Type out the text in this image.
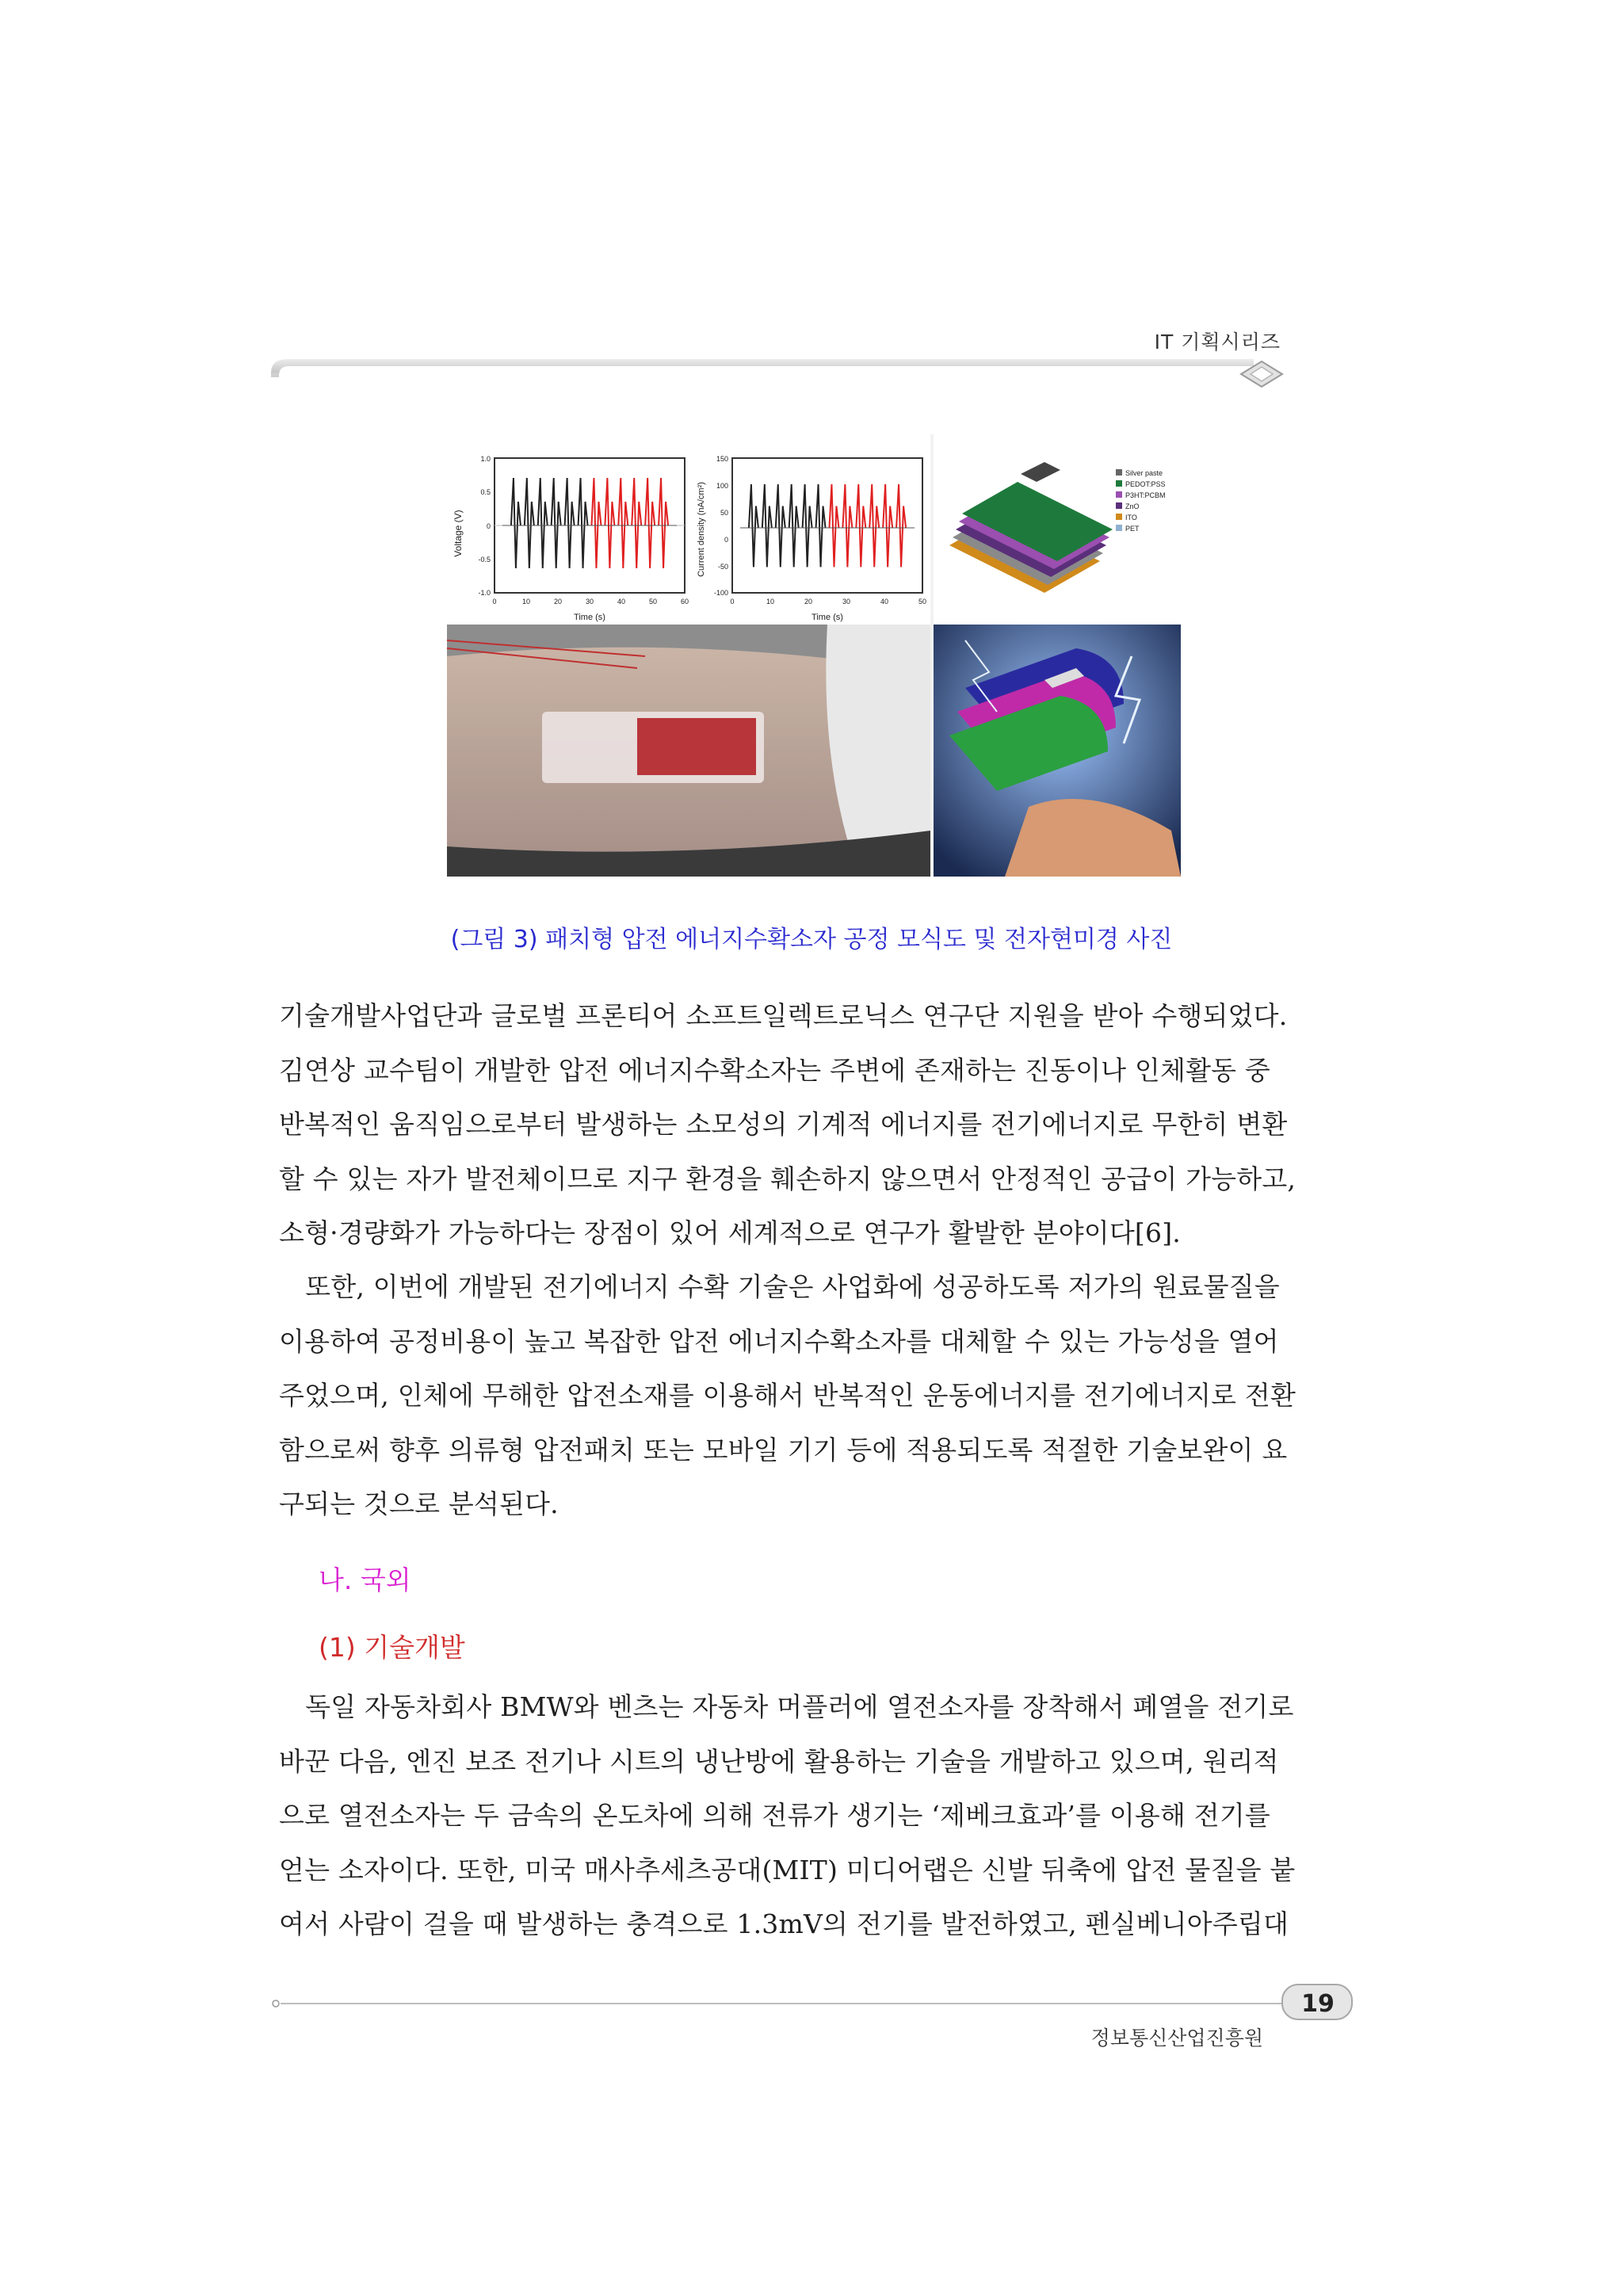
IT 기획시리즈
Voltage (V)
Time (s)
0	10	20	30	40	50	60
1.0
0.5
0
-0.5
-1.0
Current density (nA/cm²)
Time (s)
0	10	20	30	40	50
150
100
50
0
-50
-100
Silver paste
PEDOT:PSS
P3HT:PCBM
ZnO
ITO
PET
(그림 3) 패치형 압전 에너지수확소자 공정 모식도 및 전자현미경 사진

기술개발사업단과 글로벌 프론티어 소프트일렉트로닉스 연구단 지원을 받아 수행되었다.
김연상 교수팀이 개발한 압전 에너지수확소자는 주변에 존재하는 진동이나 인체활동 중
반복적인 움직임으로부터 발생하는 소모성의 기계적 에너지를 전기에너지로 무한히 변환
할 수 있는 자가 발전체이므로 지구 환경을 훼손하지 않으면서 안정적인 공급이 가능하고,
소형·경량화가 가능하다는 장점이 있어 세계적으로 연구가 활발한 분야이다[6].

　또한, 이번에 개발된 전기에너지 수확 기술은 사업화에 성공하도록 저가의 원료물질을
이용하여 공정비용이 높고 복잡한 압전 에너지수확소자를 대체할 수 있는 가능성을 열어
주었으며, 인체에 무해한 압전소재를 이용해서 반복적인 운동에너지를 전기에너지로 전환
함으로써 향후 의류형 압전패치 또는 모바일 기기 등에 적용되도록 적절한 기술보완이 요
구되는 것으로 분석된다.

나. 국외
(1) 기술개발

　독일 자동차회사 BMW와 벤츠는 자동차 머플러에 열전소자를 장착해서 폐열을 전기로
바꾼 다음, 엔진 보조 전기나 시트의 냉난방에 활용하는 기술을 개발하고 있으며, 원리적
으로 열전소자는 두 금속의 온도차에 의해 전류가 생기는 ‘제베크효과’를 이용해 전기를
얻는 소자이다. 또한, 미국 매사추세츠공대(MIT) 미디어랩은 신발 뒤축에 압전 물질을 붙
여서 사람이 걸을 때 발생하는 충격으로 1.3mV의 전기를 발전하였고, 펜실베니아주립대

19
정보통신산업진흥원
